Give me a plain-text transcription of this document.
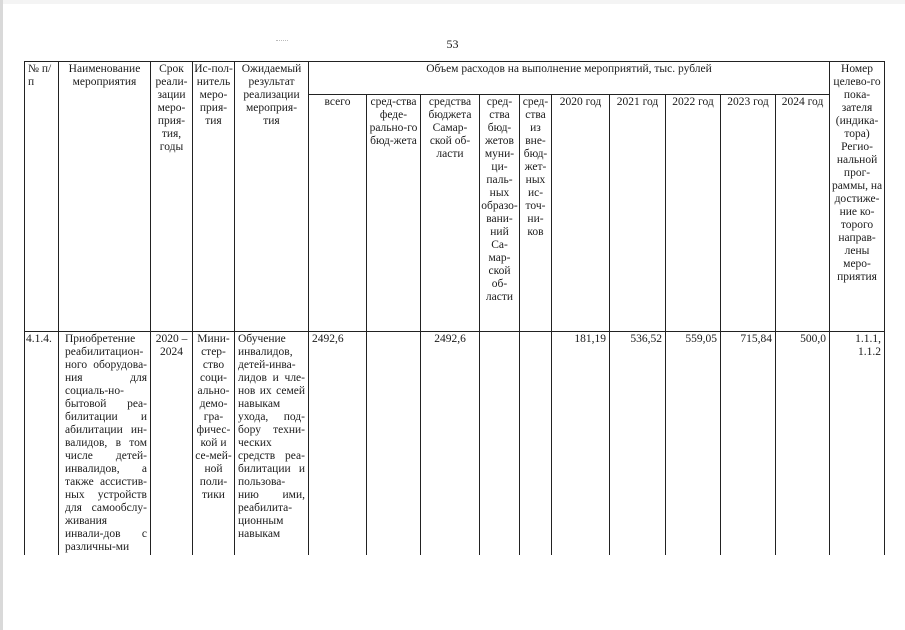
53
№ п/п	Наименование мероприятия	Срок реали-зации меро-прия-тия, годы	Ис-пол-нитель меро-прия-тия	Ожидаемый результат реализации мероприя-тия	Объем расходов на выполнение мероприятий, тыс. рублей										Номер целево-го пока-зателя (индика-тора) Регио-нальной прог-раммы, на достиже-ние ко-торого направ-лены меро-приятия
					всего	сред-ства феде-рально-го бюд-жета	средства бюджета Самар-ской об-ласти	сред-ства бюд-жетов муни-ци-паль-ных образо-вани-ний Са-мар-ской об-ласти	сред-ства из вне-бюд-жет-ных ис-точ-ни-ков	2020 год	2021 год	2022 год	2023 год	2024 год	
4.1.4.	Приобретение реабилитацион-ного оборудова-ния для социаль-но-бытовой реа-билитации и абилитации ин-валидов, в том числе детей-инвалидов, а также ассистив-ных устройств для самообслу-живания инвали-дов с различны-ми	2020 – 2024	Мини-стер-ство соци-ально-демо-гра-фичес-кой и се-мей-ной поли-тики	Обучение инвалидов, детей-инва-лидов и чле-нов их семей навыкам ухода, под-бору техни-ческих средств реа-билитации и пользова-нию ими, реабилита-ционным навыкам	2492,6		2492,6			181,19	536,52	559,05	715,84	500,0	1.1.1, 1.1.2
